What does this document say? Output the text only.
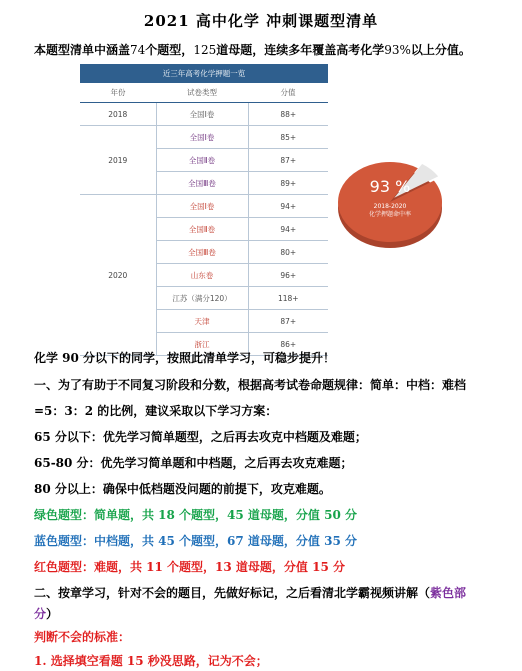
2021 高中化学 冲刺课题型清单
本题型清单中涵盖74个题型，125道母题，连续多年覆盖高考化学93%以上分值。
近三年高考化学押题一览		
年份	试卷类型	分值
2018	全国Ⅰ卷	88+
2019	全国Ⅰ卷	85+
	全国Ⅱ卷	87+
	全国Ⅲ卷	89+
2020	全国Ⅰ卷	94+
	全国Ⅱ卷	94+
	全国Ⅲ卷	80+
	山东卷	96+
	江苏（满分120）	118+
	天津	87+
	浙江	86+
93 %
2018-2020
化学押题命中率
化学 90 分以下的同学，按照此清单学习，可稳步提升！
一、为了有助于不同复习阶段和分数，根据高考试卷命题规律：简单：中档：难档
=5：3：2 的比例，建议采取以下学习方案：
65 分以下：优先学习简单题型，之后再去攻克中档题及难题；
65-80 分：优先学习简单题和中档题，之后再去攻克难题；
80 分以上：确保中低档题没问题的前提下，攻克难题。
绿色题型：简单题，共 18 个题型，45 道母题，分值 50 分
蓝色题型：中档题，共 45 个题型，67 道母题，分值 35 分
红色题型：难题，共 11 个题型，13 道母题，分值 15 分
二、按章学习，针对不会的题目，先做好标记，之后看清北学霸视频讲解（紫色部
分）
判断不会的标准：
1. 选择填空看题 15 秒没思路，记为不会；
